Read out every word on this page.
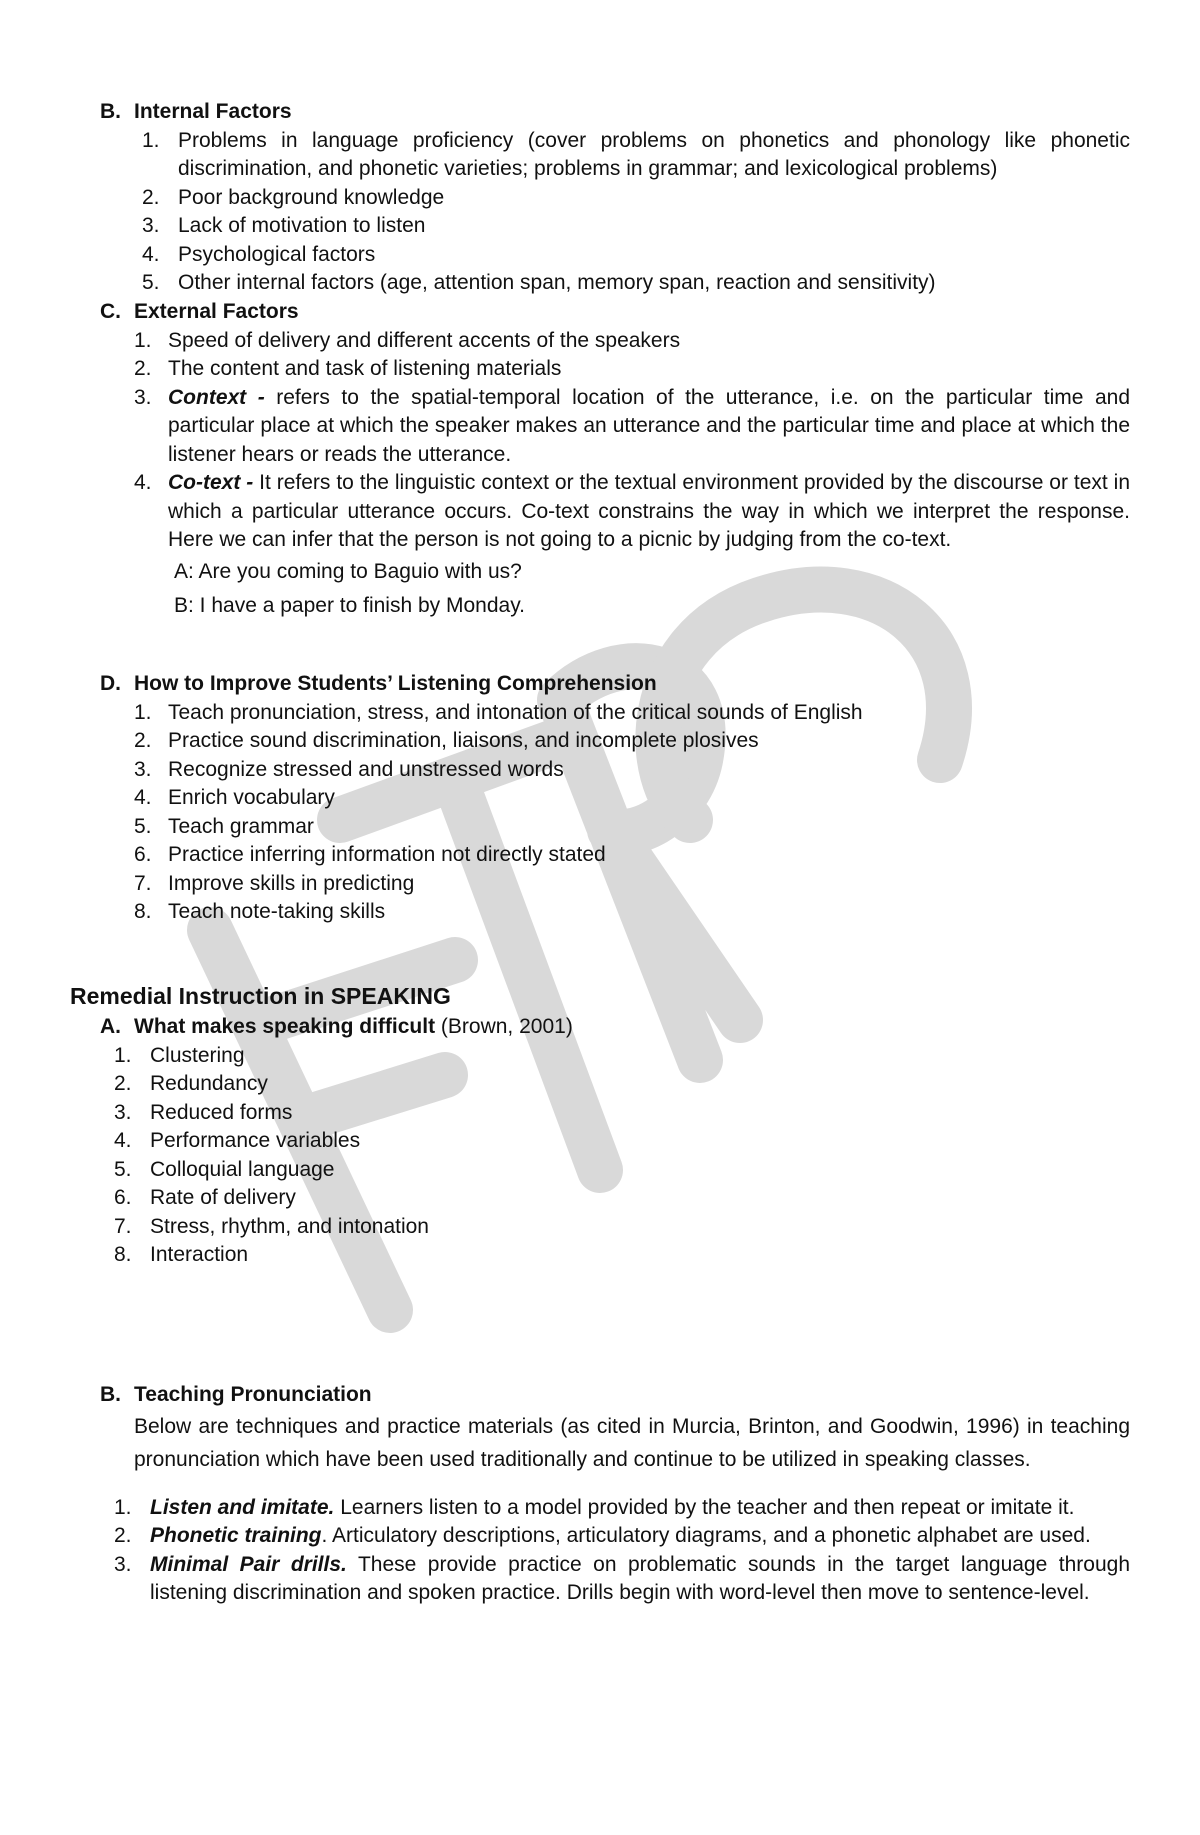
B. Internal Factors
1. Problems in language proficiency (cover problems on phonetics and phonology like phonetic discrimination, and phonetic varieties; problems in grammar; and lexicological problems)
2. Poor background knowledge
3. Lack of motivation to listen
4. Psychological factors
5. Other internal factors (age, attention span, memory span, reaction and sensitivity)
C. External Factors
1. Speed of delivery and different accents of the speakers
2. The content and task of listening materials
3. Context - refers to the spatial-temporal location of the utterance, i.e. on the particular time and particular place at which the speaker makes an utterance and the particular time and place at which the listener hears or reads the utterance.
4. Co-text - It refers to the linguistic context or the textual environment provided by the discourse or text in which a particular utterance occurs. Co-text constrains the way in which we interpret the response. Here we can infer that the person is not going to a picnic by judging from the co-text.
A: Are you coming to Baguio with us?
B: I have a paper to finish by Monday.
D. How to Improve Students’ Listening Comprehension
1. Teach pronunciation, stress, and intonation of the critical sounds of English
2. Practice sound discrimination, liaisons, and incomplete plosives
3. Recognize stressed and unstressed words
4. Enrich vocabulary
5. Teach grammar
6. Practice inferring information not directly stated
7. Improve skills in predicting
8. Teach note-taking skills
Remedial Instruction in SPEAKING
A. What makes speaking difficult (Brown, 2001)
1. Clustering
2. Redundancy
3. Reduced forms
4. Performance variables
5. Colloquial language
6. Rate of delivery
7. Stress, rhythm, and intonation
8. Interaction
B. Teaching Pronunciation
Below are techniques and practice materials (as cited in Murcia, Brinton, and Goodwin, 1996) in teaching pronunciation which have been used traditionally and continue to be utilized in speaking classes.
1. Listen and imitate. Learners listen to a model provided by the teacher and then repeat or imitate it.
2. Phonetic training. Articulatory descriptions, articulatory diagrams, and a phonetic alphabet are used.
3. Minimal Pair drills. These provide practice on problematic sounds in the target language through listening discrimination and spoken practice. Drills begin with word-level then move to sentence-level.
